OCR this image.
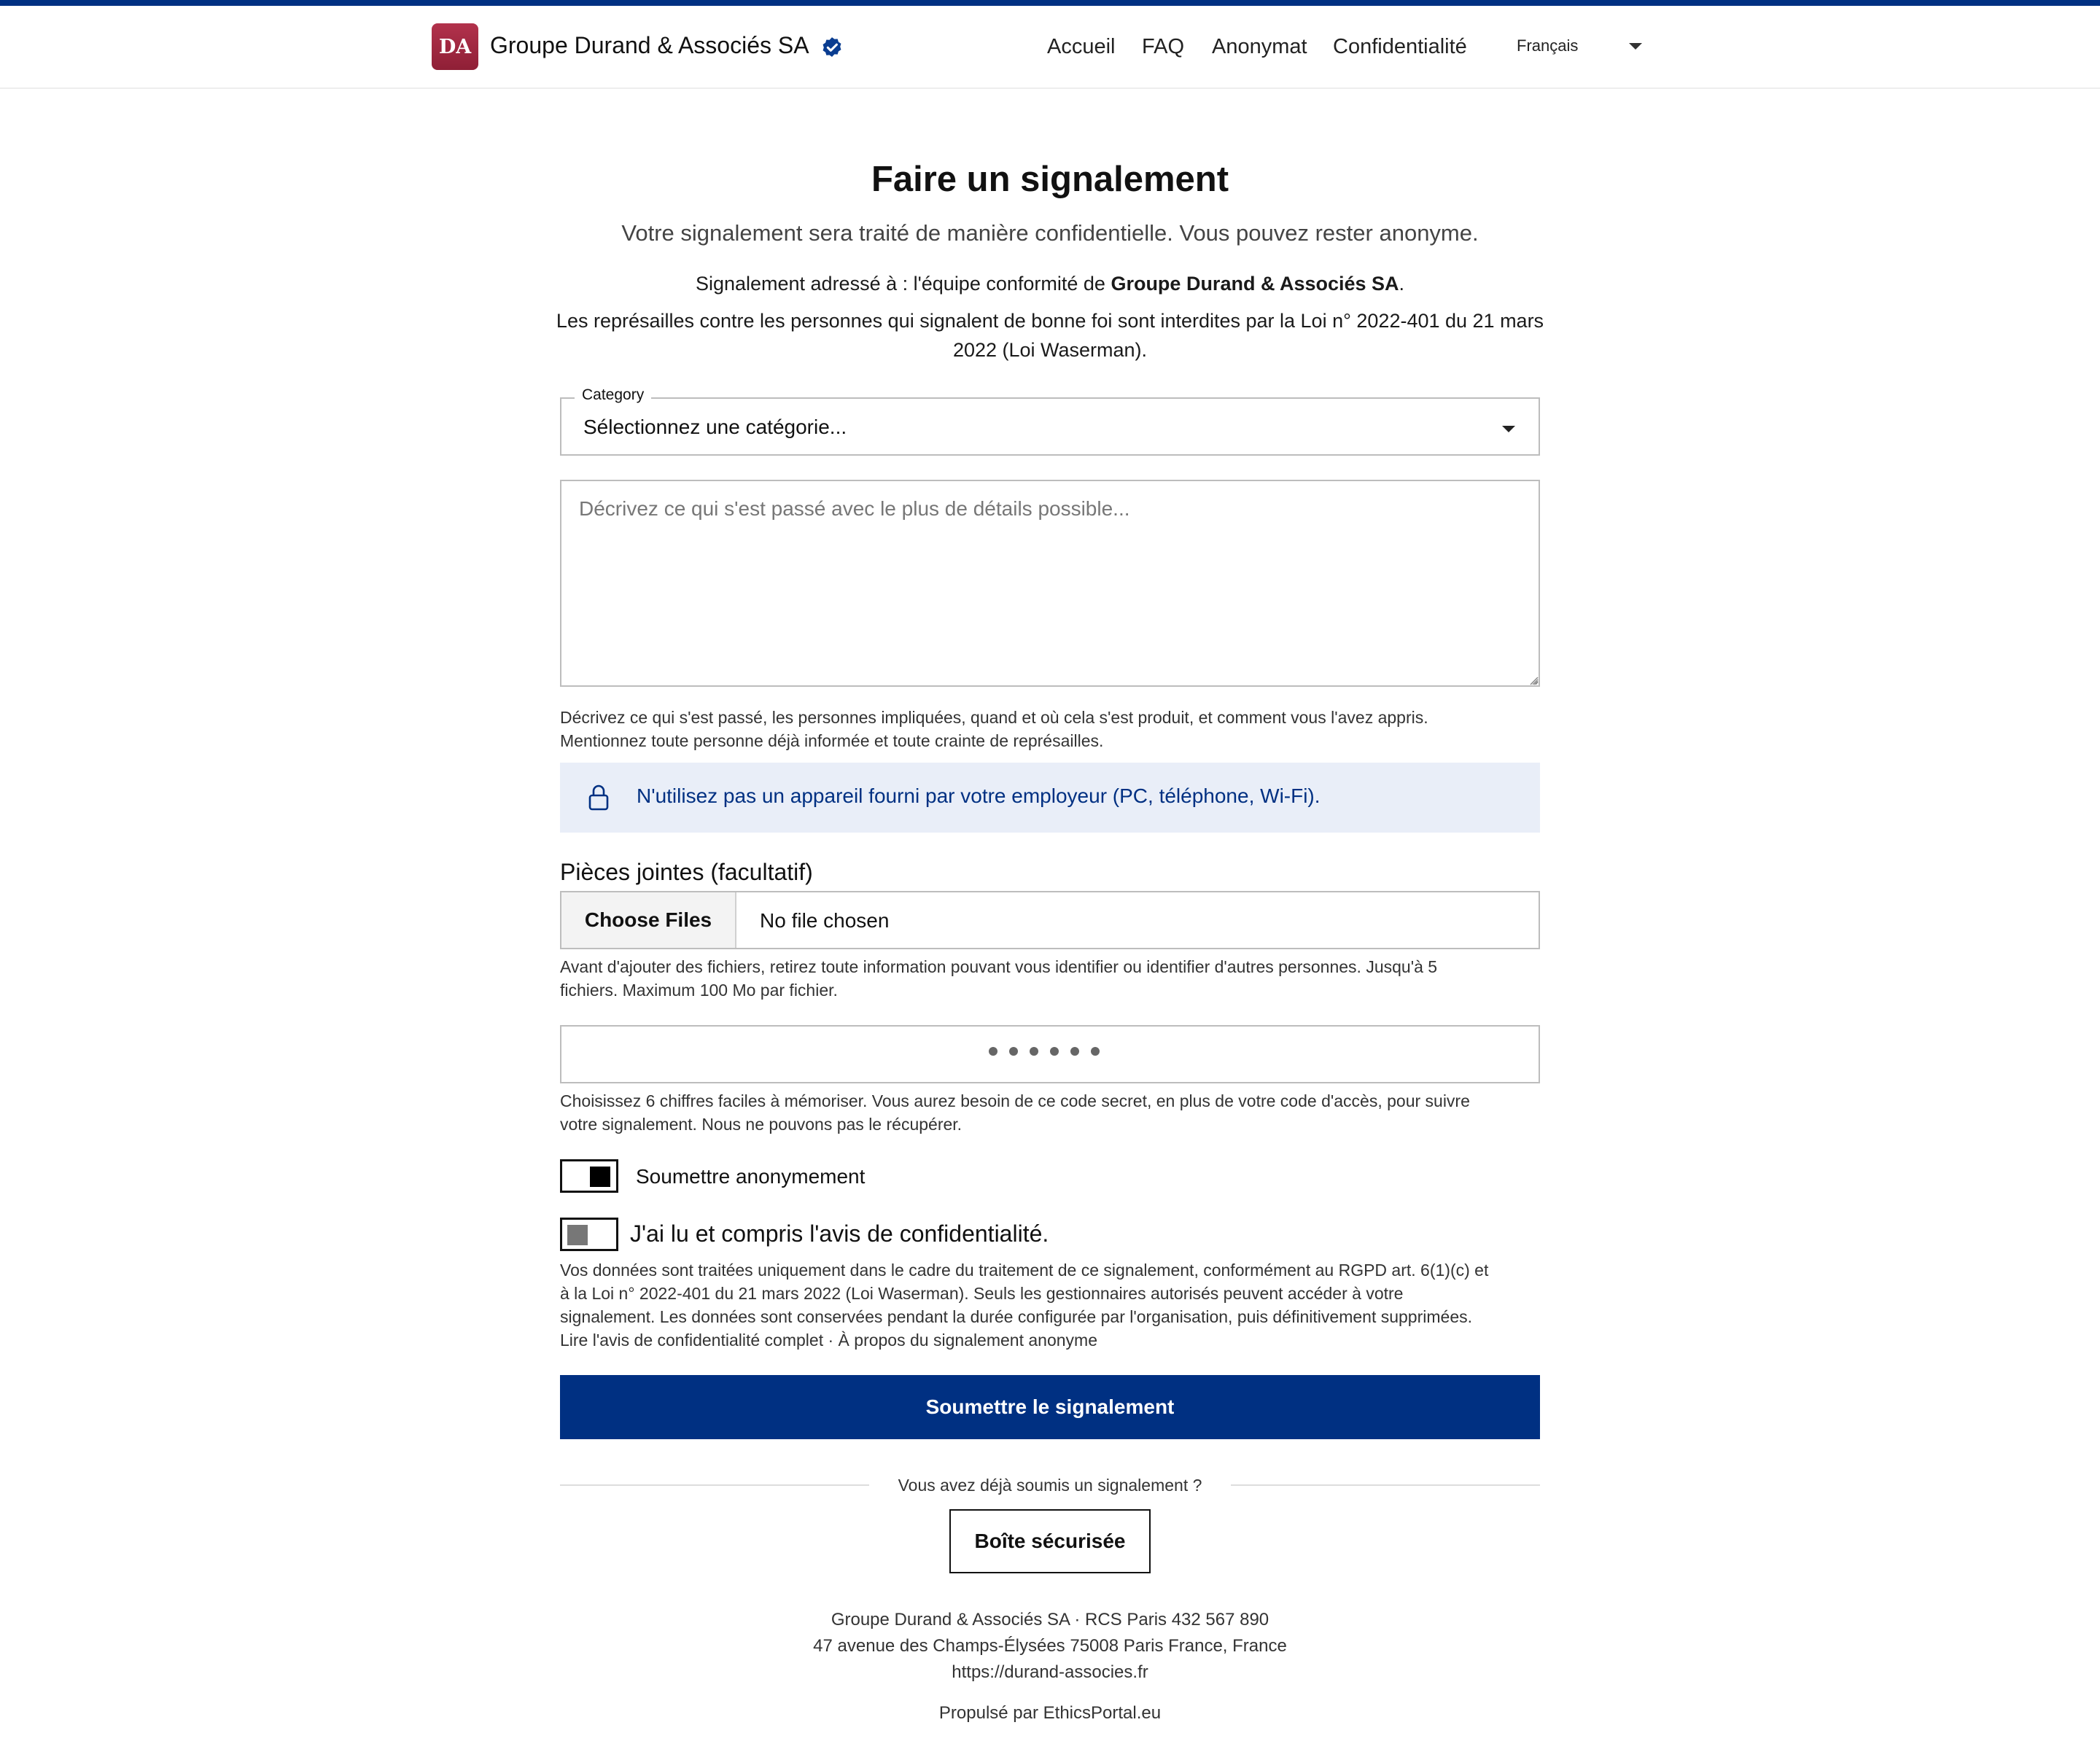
DA Groupe Durand & Associés SA	Accueil FAQ Anonymat Confidentialité	Français
Faire un signalement

Votre signalement sera traité de manière confidentielle. Vous pouvez rester anonyme.

Signalement adressé à : l'équipe conformité de Groupe Durand & Associés SA.

Les représailles contre les personnes qui signalent de bonne foi sont interdites par la Loi n° 2022-401 du 21 mars 2022 (Loi Waserman).

Category
Sélectionnez une catégorie...
Décrivez ce qui s'est passé avec le plus de détails possible...

Décrivez ce qui s'est passé, les personnes impliquées, quand et où cela s'est produit, et comment vous l'avez appris.

Mentionnez toute personne déjà informée et toute crainte de représailles.

N'utilisez pas un appareil fourni par votre employeur (PC, téléphone, Wi-Fi).
Pièces jointes (facultatif)
Choose Files	No file chosen

Avant d'ajouter des fichiers, retirez toute information pouvant vous identifier ou identifier d'autres personnes. Jusqu'à 5

fichiers. Maximum 100 Mo par fichier.

Choisissez 6 chiffres faciles à mémoriser. Vous aurez besoin de ce code secret, en plus de votre code d'accès, pour suivre

votre signalement. Nous ne pouvons pas le récupérer.

Soumettre anonymement
J'ai lu et compris l'avis de confidentialité.

Vos données sont traitées uniquement dans le cadre du traitement de ce signalement, conformément au RGPD art. 6(1)(c) et

à la Loi n° 2022-401 du 21 mars 2022 (Loi Waserman). Seuls les gestionnaires autorisés peuvent accéder à votre

signalement. Les données sont conservées pendant la durée configurée par l'organisation, puis définitivement supprimées.

Lire l'avis de confidentialité complet · À propos du signalement anonyme

Soumettre le signalement
Vous avez déjà soumis un signalement ?
Boîte sécurisée
Groupe Durand & Associés SA · RCS Paris 432 567 890
47 avenue des Champs-Élysées 75008 Paris France, France
https://durand-associes.fr
Propulsé par EthicsPortal.eu
